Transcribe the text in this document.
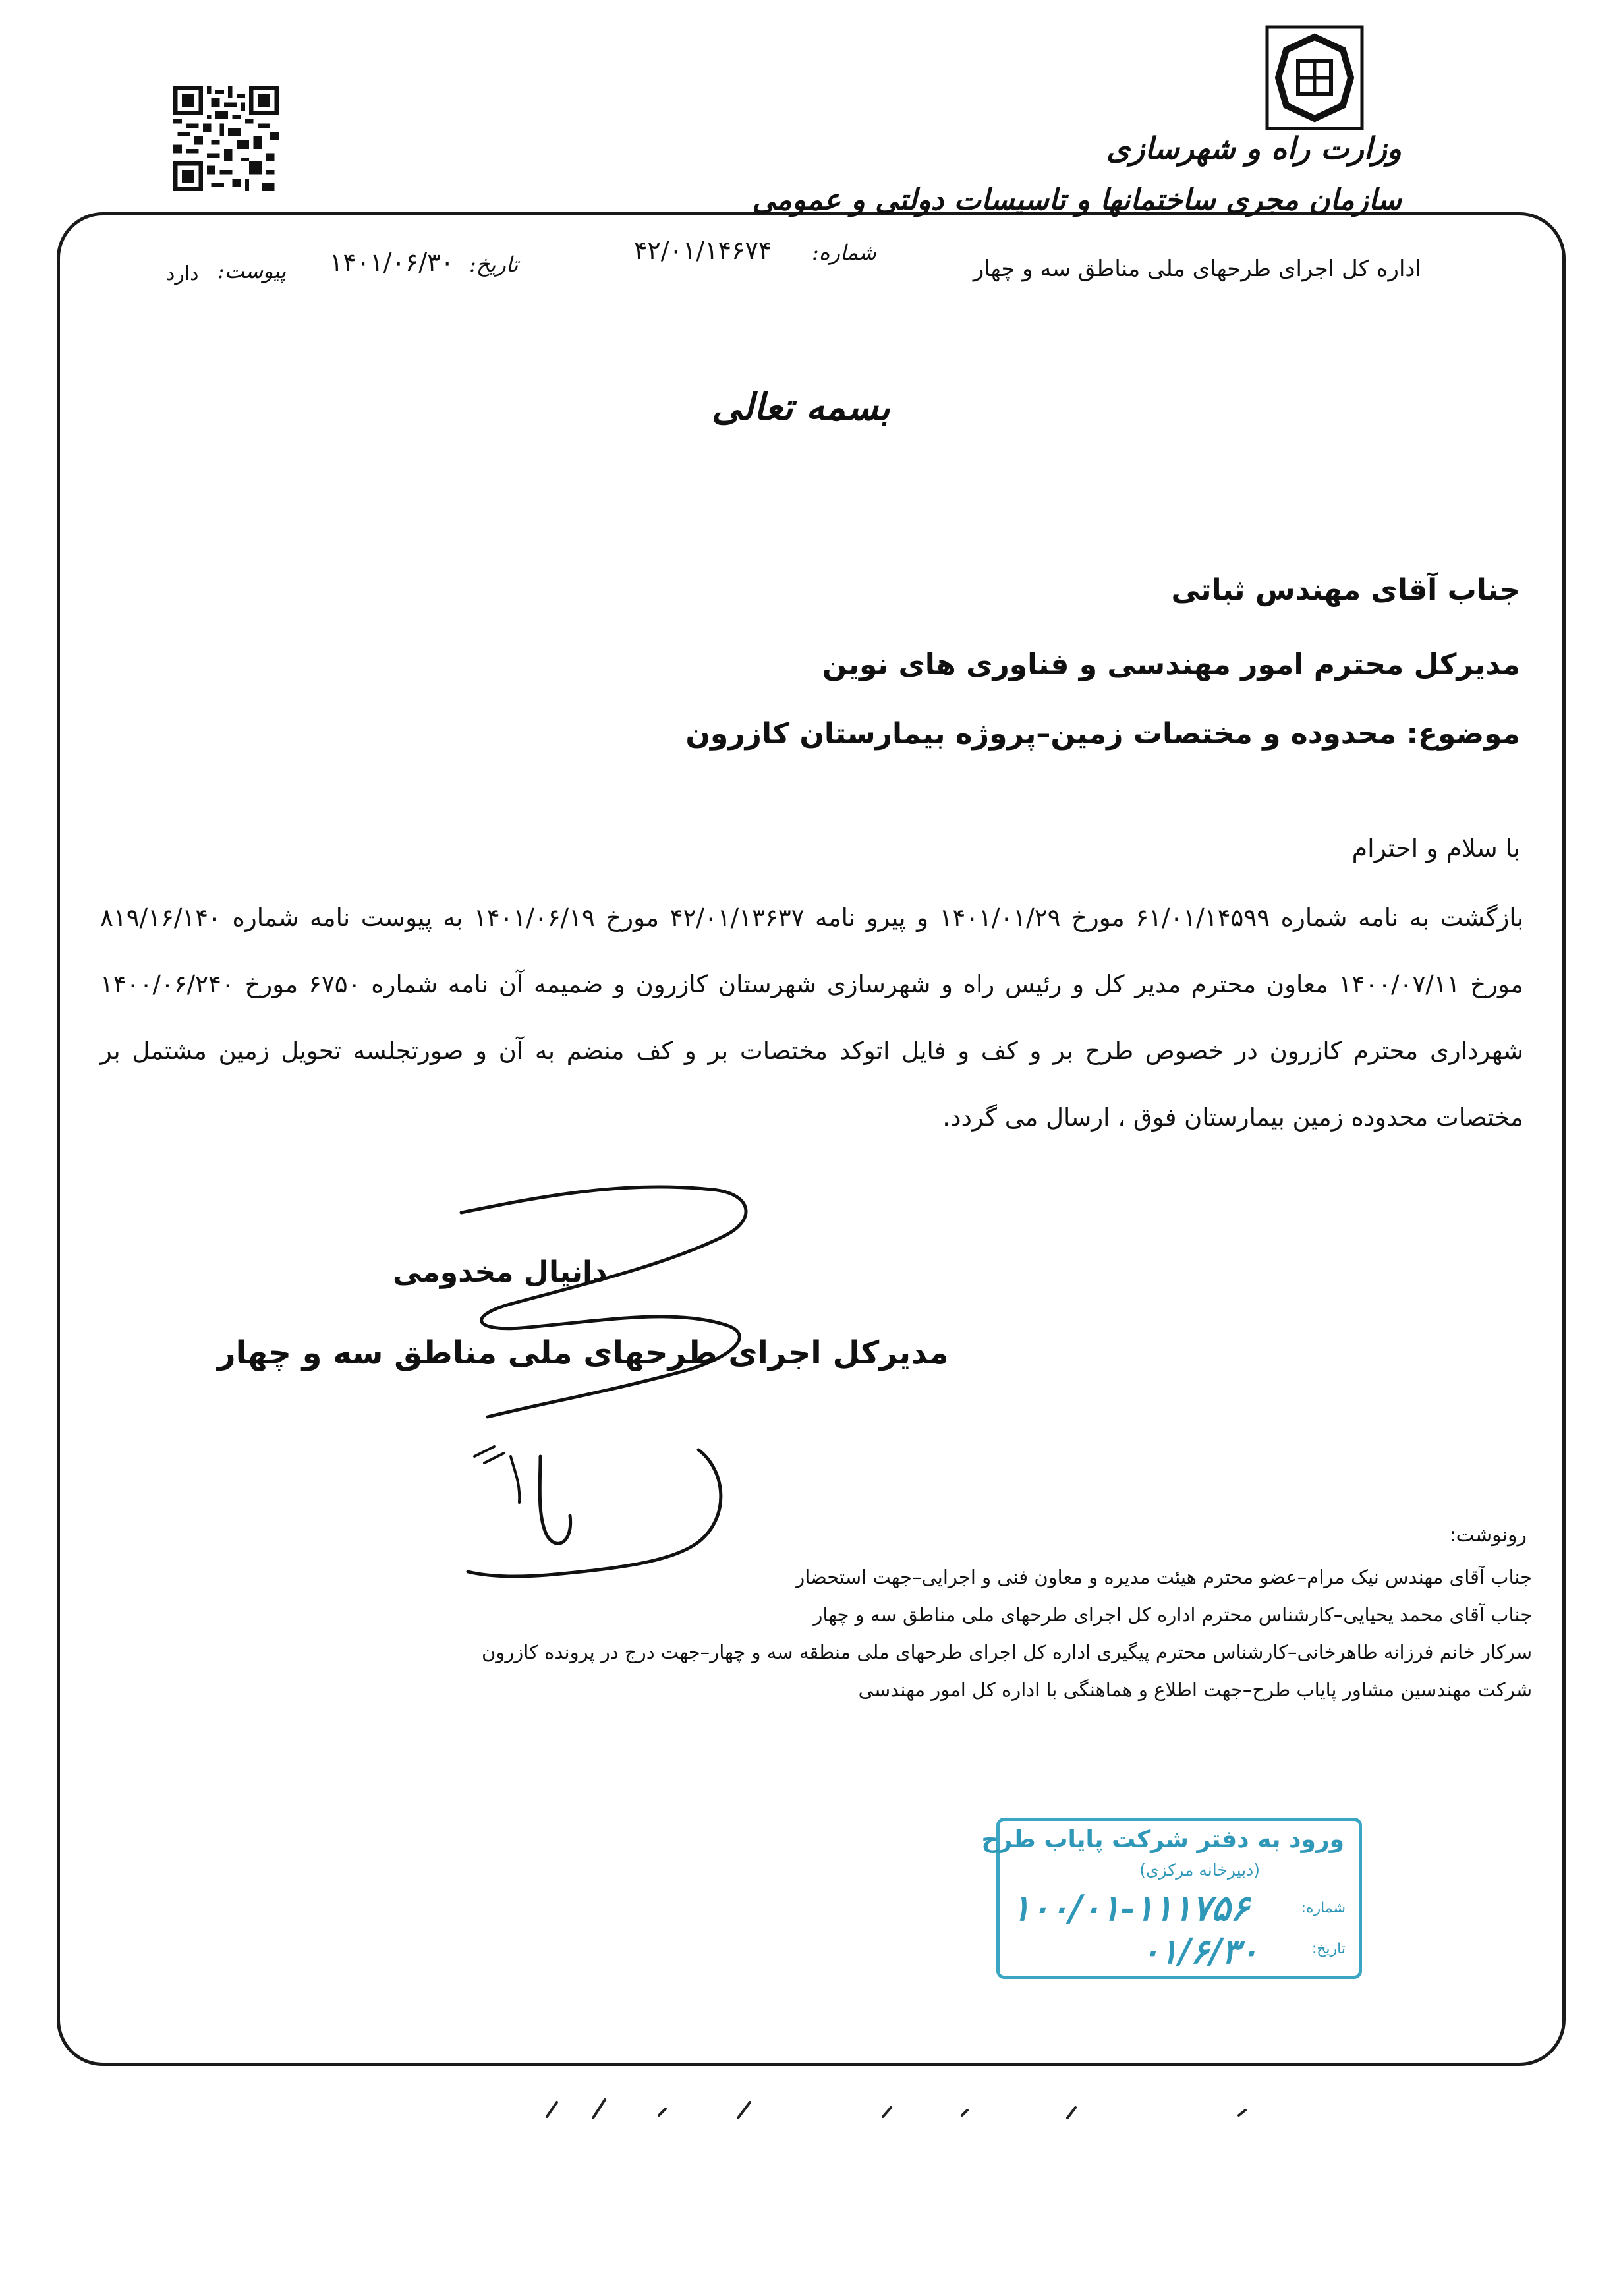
وزارت راه و شهرسازی
سازمان مجری ساختمانها و تاسیسات دولتی و عمومی
اداره کل اجرای طرحهای ملی مناطق سه و چهار
شماره:
۴۲/۰۱/۱۴۶۷۴
تاریخ:
۱۴۰۱/۰۶/۳۰
پیوست:
دارد
بسمه تعالی
جناب آقای مهندس ثباتی
مدیرکل محترم امور مهندسی و فناوری های نوین
موضوع: محدوده و مختصات زمین–پروژه بیمارستان کازرون
با سلام و احترام
بازگشت به نامه شماره ۶۱/۰۱/۱۴۵۹۹ مورخ ۱۴۰۱/۰۱/۲۹ و پیرو نامه ۴۲/۰۱/۱۳۶۳۷ مورخ ۱۴۰۱/۰۶/۱۹ به پیوست نامه شماره ۸۱۹/۱۶/۱۴۰ مورخ ۱۴۰۰/۰۷/۱۱ معاون محترم مدیر کل و رئیس راه و شهرسازی شهرستان کازرون و ضمیمه آن نامه شماره ۶۷۵۰ مورخ ۱۴۰۰/۰۶/۲۴۰ شهرداری محترم کازرون در خصوص طرح بر و کف و فایل اتوکد مختصات بر و کف منضم به آن و صورتجلسه تحویل زمین مشتمل بر مختصات محدوده زمین بیمارستان فوق ، ارسال می گردد.
دانیال مخدومی
مدیرکل اجرای طرحهای ملی مناطق سه و چهار
رونوشت:
جناب آقای مهندس نیک مرام–عضو محترم هیئت مدیره و معاون فنی و اجرایی–جهت استحضار
جناب آقای محمد یحیایی–کارشناس محترم اداره کل اجرای طرحهای ملی مناطق سه و چهار
سرکار خانم فرزانه طاهرخانی–کارشناس محترم پیگیری اداره کل اجرای طرحهای ملی منطقه سه و چهار–جهت درج در پرونده کازرون
شرکت مهندسین مشاور پایاب طرح–جهت اطلاع و هماهنگی با اداره کل امور مهندسی
ورود به دفتر شرکت پایاب طرح
(دبیرخانه مرکزی)
شماره:
۱۰۰/۰۱-۱۱۱۷۵۶
تاریخ:
۰۱/۶/۳۰
